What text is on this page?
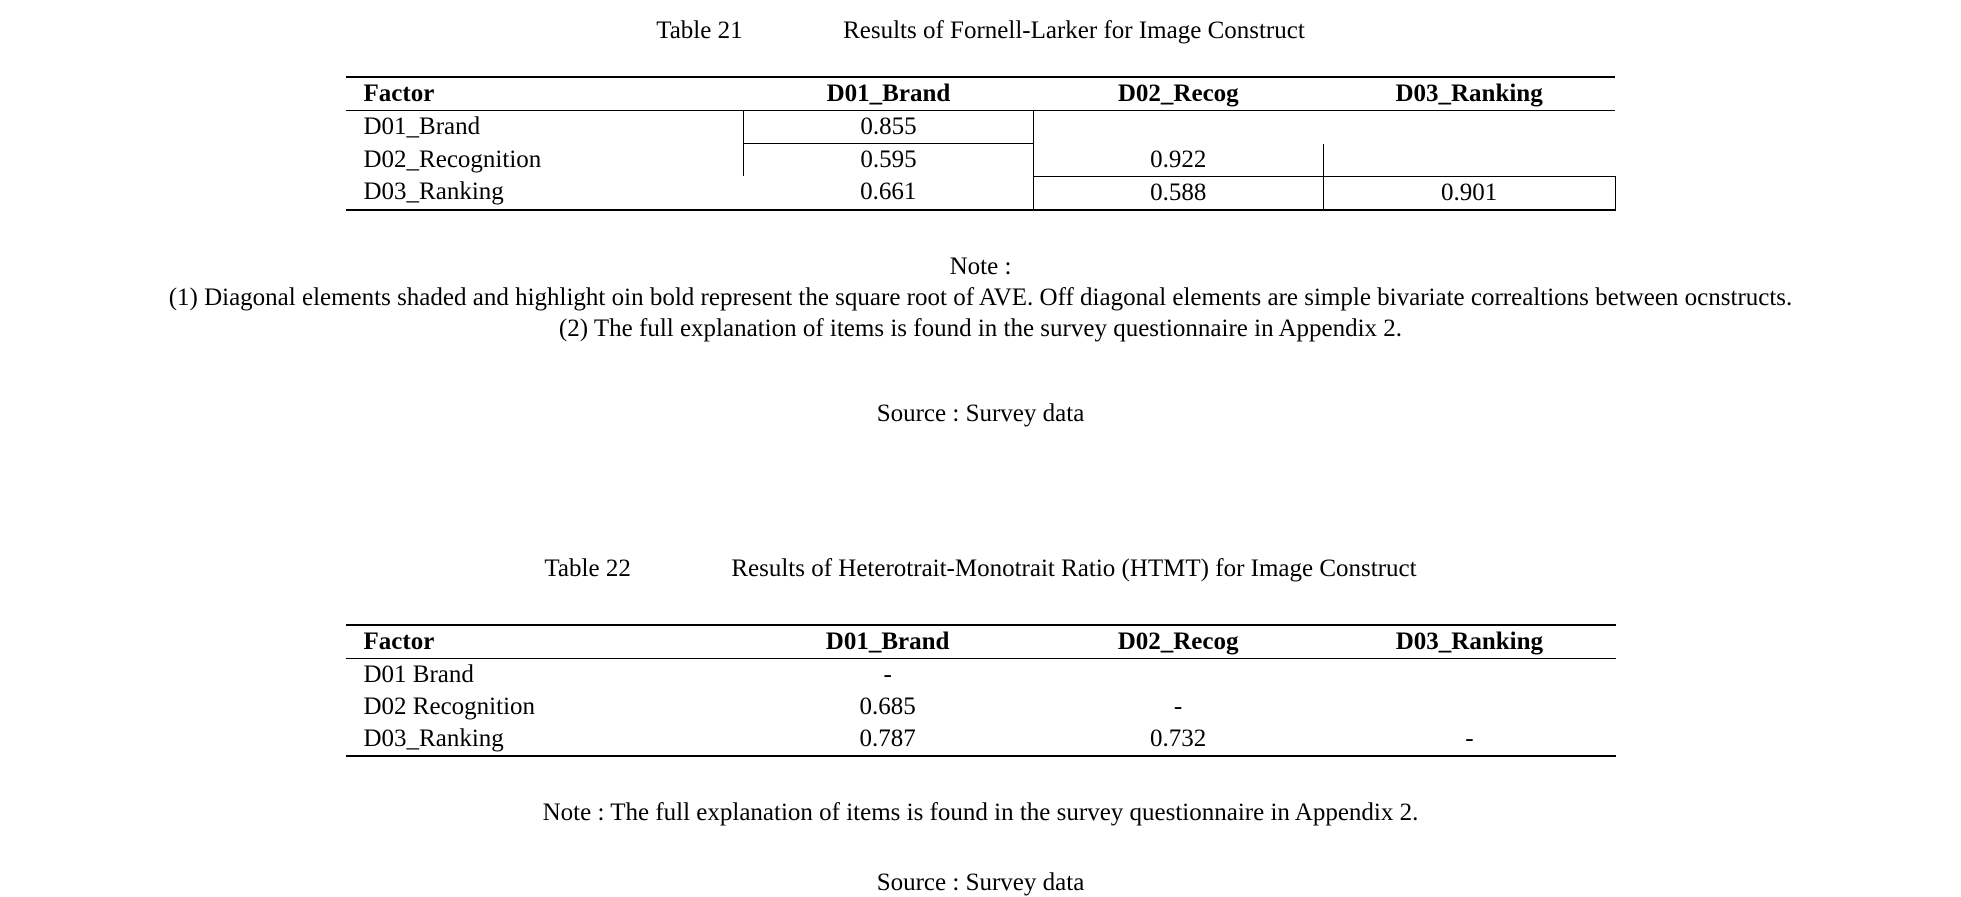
Table 21	Results of Fornell-Larker for Image Construct
Factor	D01_Brand	D02_Recog	D03_Ranking
D01_Brand	0.855		
D02_Recognition	0.595	0.922	
D03_Ranking	0.661	0.588	0.901
Note :
(1) Diagonal elements shaded and highlight oin bold represent the square root of AVE. Off diagonal elements are simple bivariate correaltions between ocnstructs.
(2) The full explanation of items is found in the survey questionnaire in Appendix 2.
Source : Survey data
Table 22	Results of Heterotrait-Monotrait Ratio (HTMT) for Image Construct
Factor	D01_Brand	D02_Recog	D03_Ranking
D01 Brand	-		
D02 Recognition	0.685	-	
D03_Ranking	0.787	0.732	-
Note : The full explanation of items is found in the survey questionnaire in Appendix 2.
Source : Survey data
